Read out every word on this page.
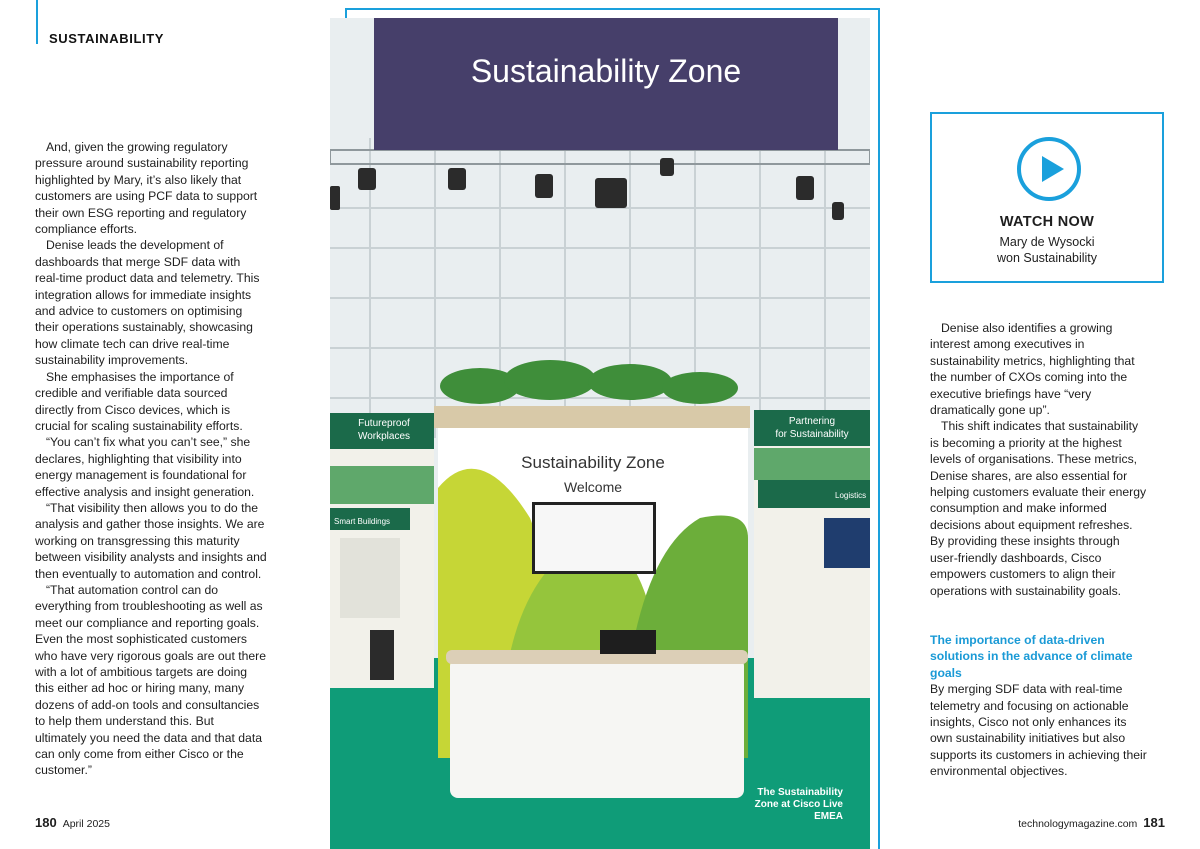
SUSTAINABILITY

And, given the growing regulatory pressure around sustainability reporting highlighted by Mary, it’s also likely that customers are using PCF data to support their own ESG reporting and regulatory compliance efforts.

Denise leads the development of dashboards that merge SDF data with real-time product data and telemetry. This integration allows for immediate insights and advice to customers on optimising their operations sustainably, showcasing how climate tech can drive real-time sustainability improvements.

She emphasises the importance of credible and verifiable data sourced directly from Cisco devices, which is crucial for scaling sustainability efforts.

“You can’t fix what you can’t see,” she declares, highlighting that visibility into energy management is foundational for effective analysis and insight generation.

“That visibility then allows you to do the analysis and gather those insights. We are working on transgressing this maturity between visibility analysts and insights and then eventually to automation and control.

“That automation control can do everything from troubleshooting as well as meet our compliance and reporting goals. Even the most sophisticated customers who have very rigorous goals are out there with a lot of ambitious targets are doing this either ad hoc or hiring many, many dozens of add-on tools and consultancies to help them understand this. But ultimately you need the data and that data can only come from either Cisco or the customer.”

Sustainability Zone
Futureproof Workplaces
Smart Buildings
Partnering for Sustainability
Logistics
Sustainability Zone
Welcome
The Sustainability Zone at Cisco Live EMEA
WATCH NOW
Mary de Wysocki
won Sustainability

Denise also identifies a growing interest among executives in sustainability metrics, highlighting that the number of CXOs coming into the executive briefings have “very dramatically gone up”.

This shift indicates that sustainability is becoming a priority at the highest levels of organisations. These metrics, Denise shares, are also essential for helping customers evaluate their energy consumption and make informed decisions about equipment refreshes. By providing these insights through user-friendly dashboards, Cisco empowers customers to align their operations with sustainability goals.

The importance of data-driven solutions in the advance of climate goals

By merging SDF data with real-time telemetry and focusing on actionable insights, Cisco not only enhances its own sustainability initiatives but also supports its customers in achieving their environmental objectives.

180 April 2025	technologymagazine.com 181
